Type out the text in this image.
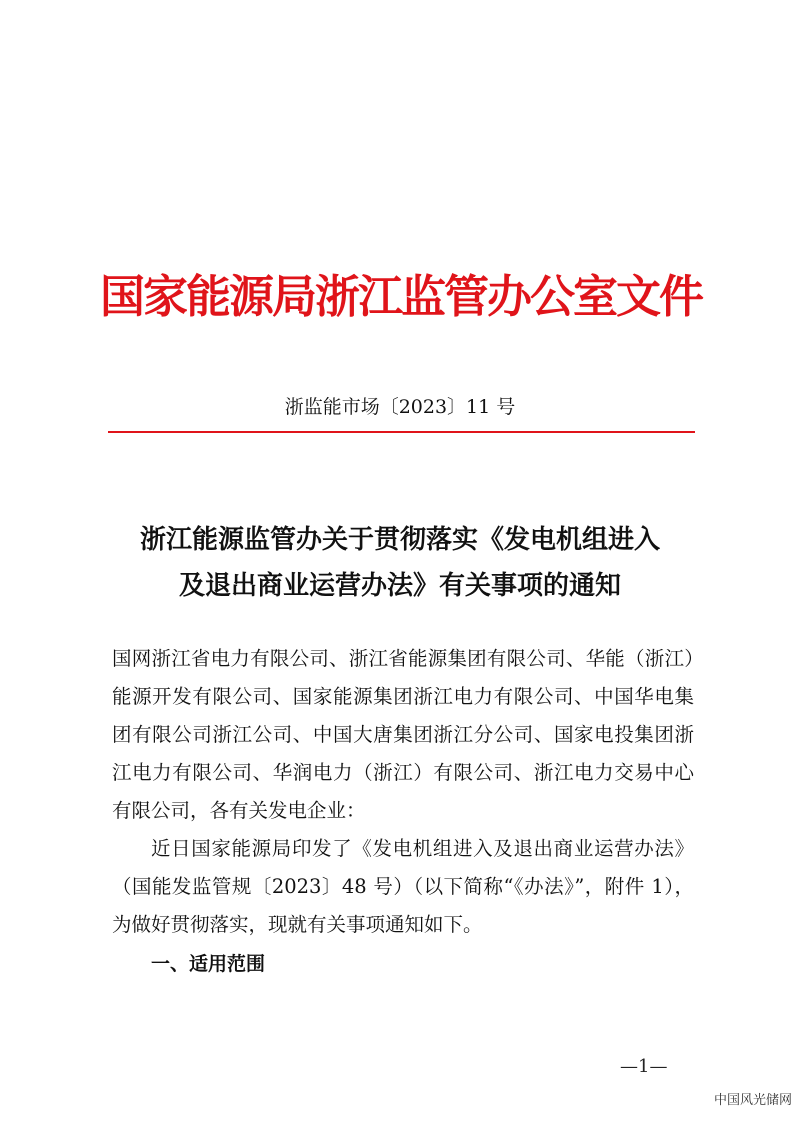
国家能源局浙江监管办公室文件
浙监能市场〔2023〕11 号
浙江能源监管办关于贯彻落实《发电机组进入
及退出商业运营办法》有关事项的通知

国网浙江省电力有限公司、浙江省能源集团有限公司、华能（浙江）能源开发有限公司、国家能源集团浙江电力有限公司、中国华电集团有限公司浙江公司、中国大唐集团浙江分公司、国家电投集团浙江电力有限公司、华润电力（浙江）有限公司、浙江电力交易中心有限公司，各有关发电企业：

近日国家能源局印发了《发电机组进入及退出商业运营办法》（国能发监管规〔2023〕48 号）（以下简称“《办法》”，附件 1），为做好贯彻落实，现就有关事项通知如下。

一、适用范围
—1—
中国风光储网
